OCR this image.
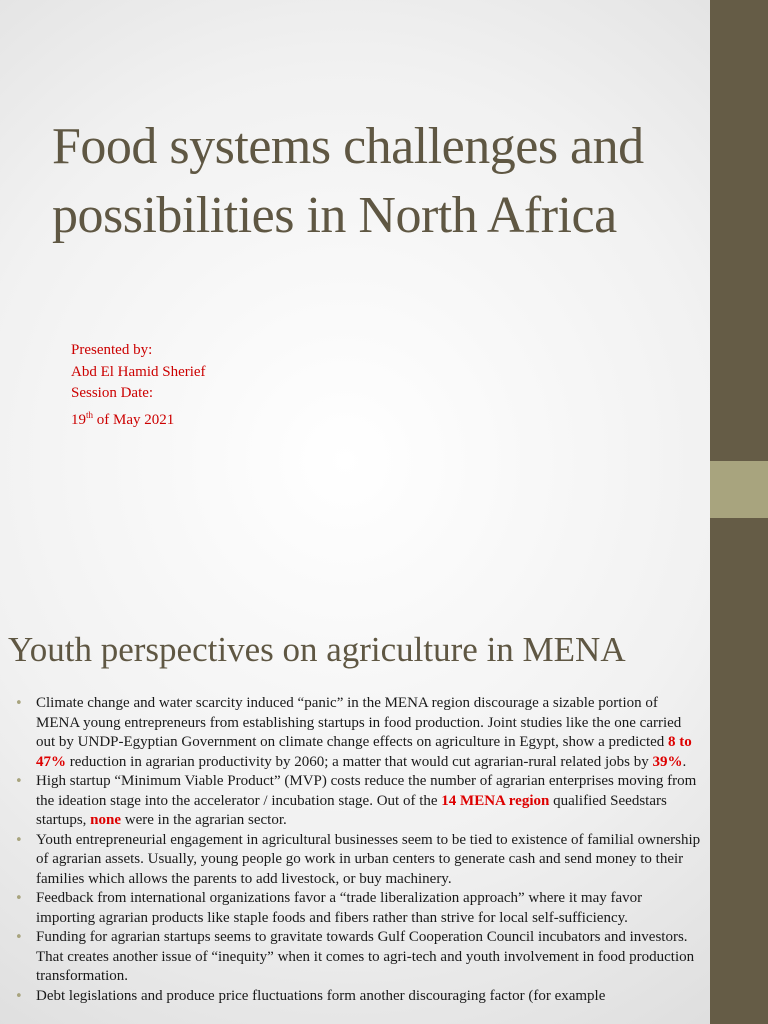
Food systems challenges and possibilities in North Africa
Presented by:
Abd El Hamid Sherief
Session Date:
19th of May 2021
Youth perspectives on agriculture in MENA
• Climate change and water scarcity induced “panic” in the MENA region discourage a sizable portion of MENA young entrepreneurs from establishing startups in food production. Joint studies like the one carried out by UNDP-Egyptian Government on climate change effects on agriculture in Egypt, show a predicted 8 to 47% reduction in agrarian productivity by 2060; a matter that would cut agrarian-rural related jobs by 39%.
• High startup “Minimum Viable Product” (MVP) costs reduce the number of agrarian enterprises moving from the ideation stage into the accelerator / incubation stage. Out of the 14 MENA region qualified Seedstars startups, none were in the agrarian sector.
• Youth entrepreneurial engagement in agricultural businesses seem to be tied to existence of familial ownership of agrarian assets. Usually, young people go work in urban centers to generate cash and send money to their families which allows the parents to add livestock, or buy machinery.
• Feedback from international organizations favor a “trade liberalization approach” where it may favor importing agrarian products like staple foods and fibers rather than strive for local self-sufficiency.
• Funding for agrarian startups seems to gravitate towards Gulf Cooperation Council incubators and investors. That creates another issue of “inequity” when it comes to agri-tech and youth involvement in food production transformation.
• Debt legislations and produce price fluctuations form another discouraging factor (for example
